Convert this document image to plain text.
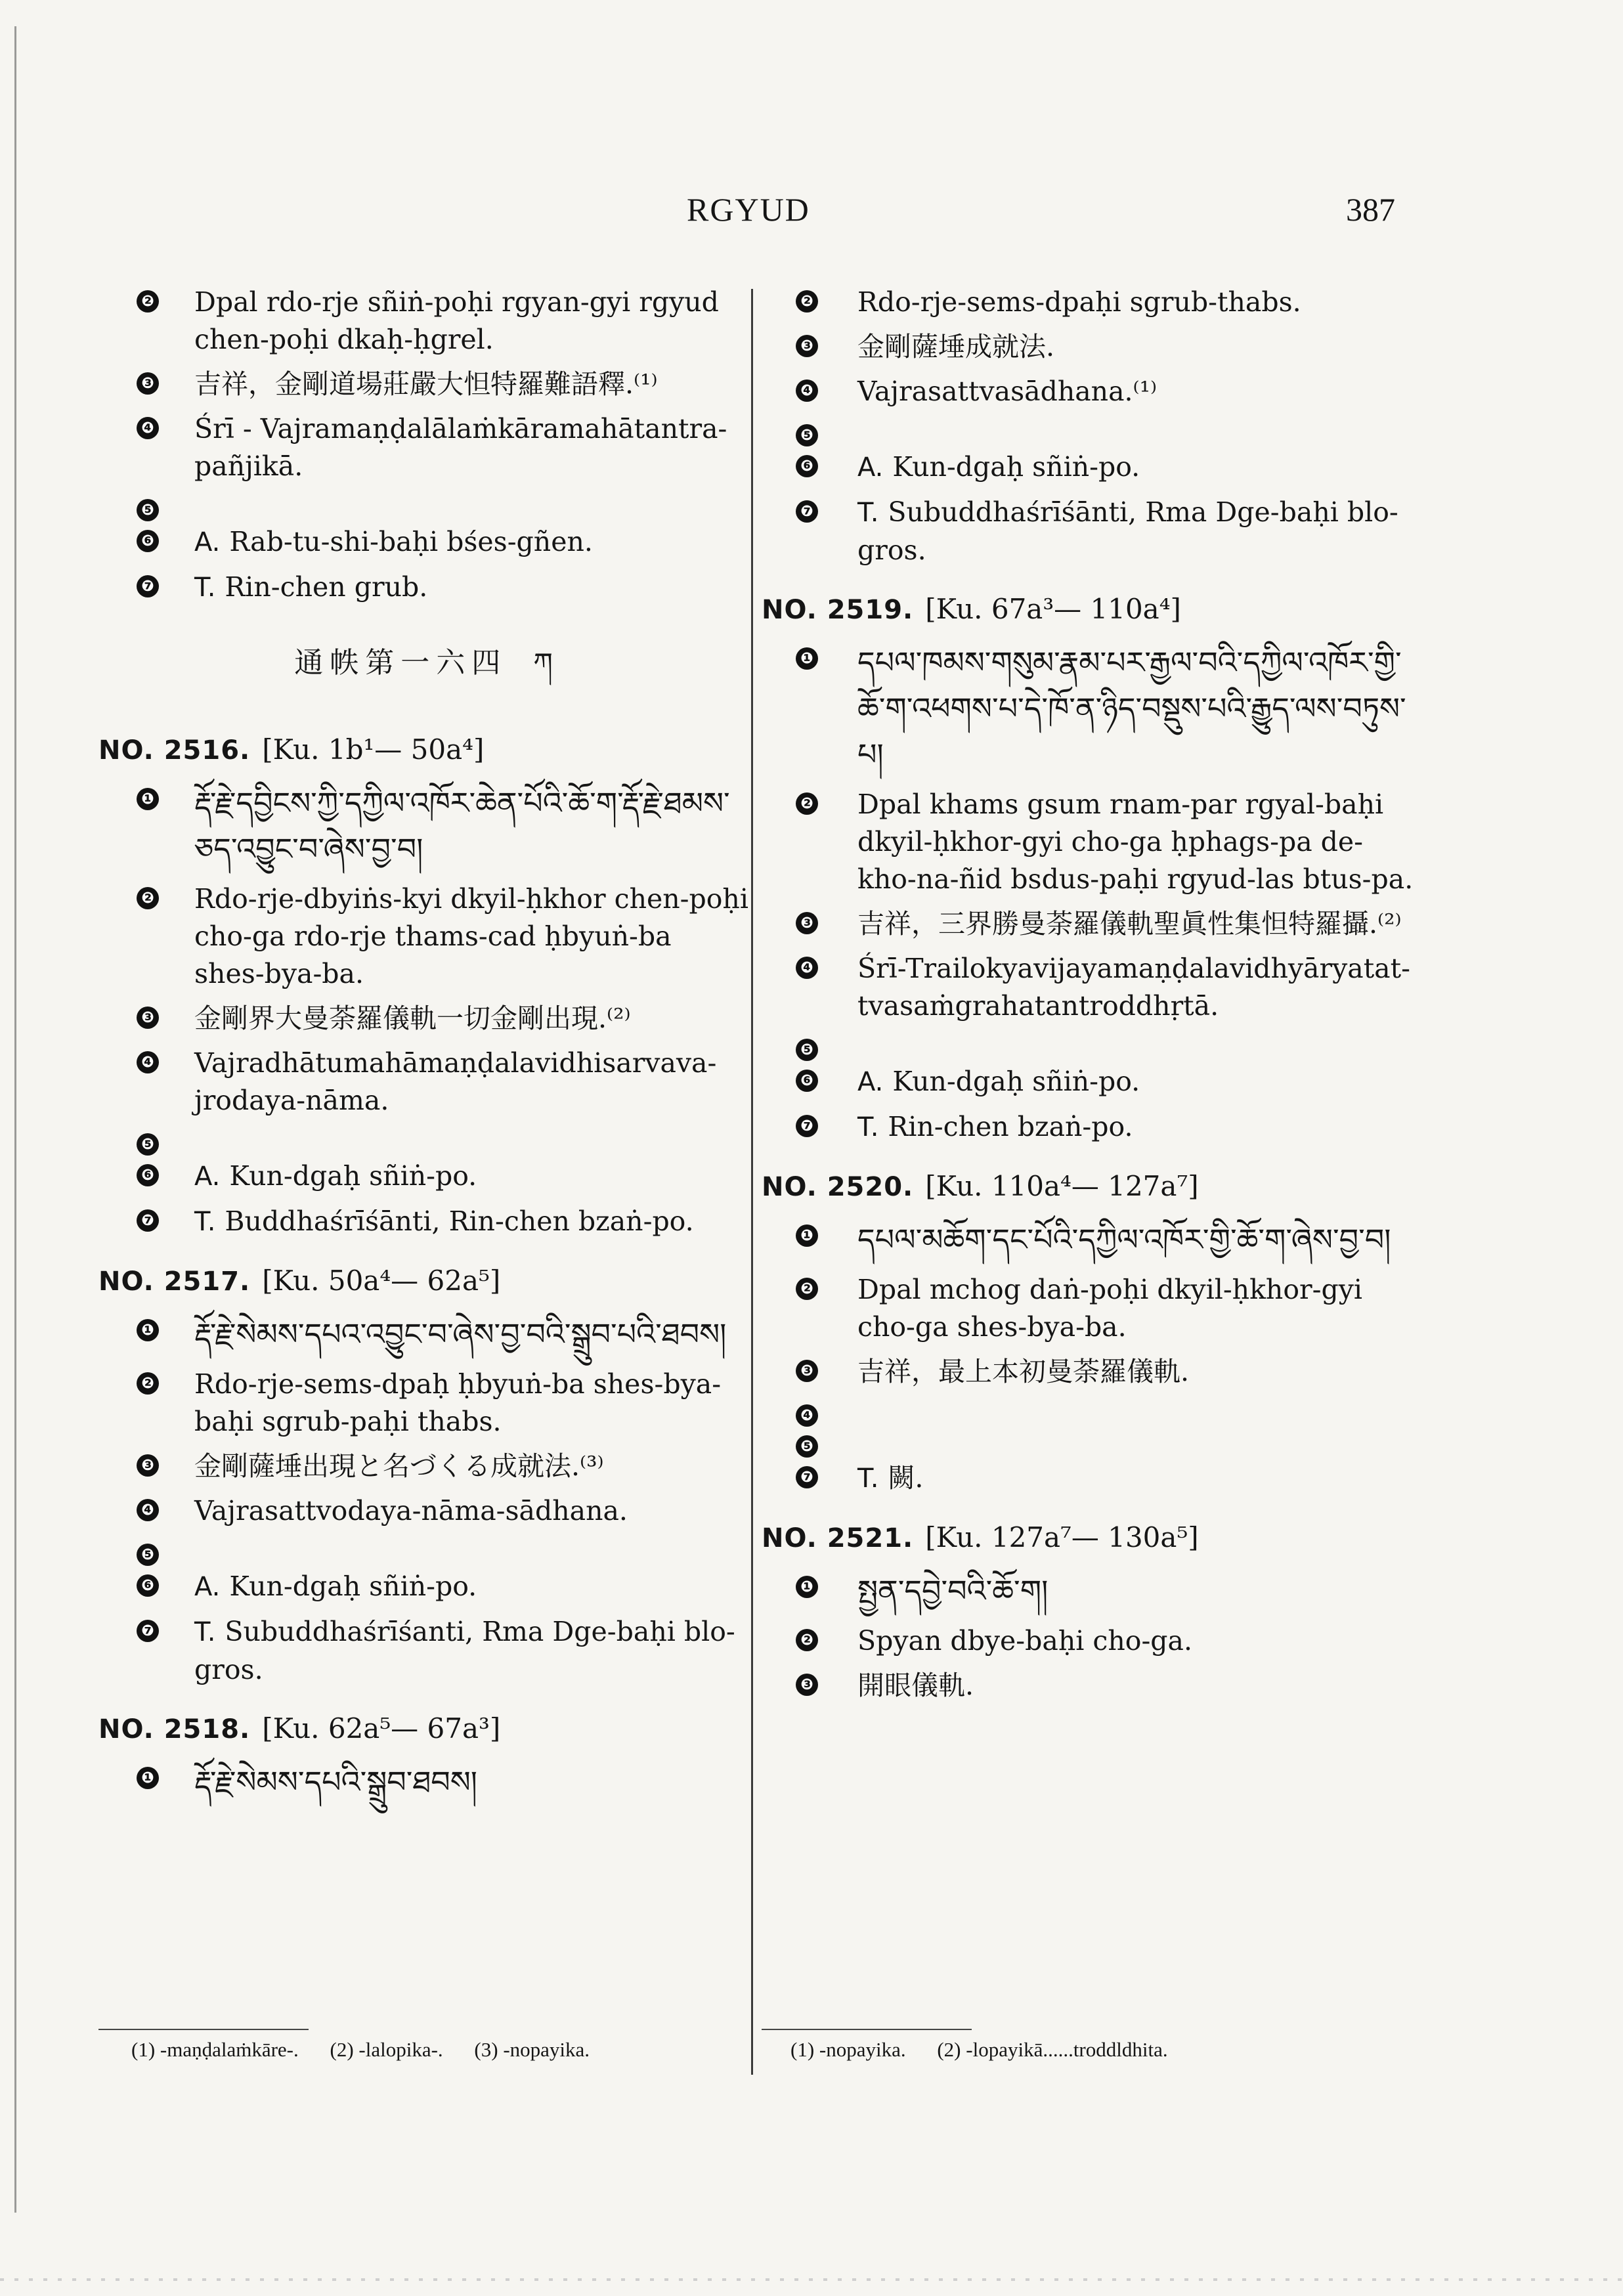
RGYUD	387
❷ Dpal rdo-rje sñiṅ-poḥi rgyan-gyi rgyud chen-poḥi dkaḥ-ḥgrel.
❸ 吉祥，金剛道場莊嚴大怛特羅難語釋.⁽¹⁾
❹ Śrī - Vajramaṇḍalālaṁkāramahātantra-pañjikā.
❺
❻ A. Rab-tu-shi-baḥi bśes-gñen.
❼ T. Rin-chen grub.
通帙第一六四 ཀ
NO. 2516. [Ku. 1b¹— 50a⁴]
❶ རྡོ་རྗེ་དབྱིངས་ཀྱི་དཀྱིལ་འཁོར་ཆེན་པོའི་ཆོ་ག་རྡོ་རྗེ་ཐམས་ཅད་འབྱུང་བ་ཞེས་བྱ་བ།
❷ Rdo-rje-dbyiṅs-kyi dkyil-ḥkhor chen-poḥi cho-ga rdo-rje thams-cad ḥbyuṅ-ba shes-bya-ba.
❸ 金剛界大曼荼羅儀軌一切金剛出現.⁽²⁾
❹ Vajradhātumahāmaṇḍalavidhisarvava-jrodaya-nāma.
❺
❻ A. Kun-dgaḥ sñiṅ-po.
❼ T. Buddhaśrīśānti, Rin-chen bzaṅ-po.
NO. 2517. [Ku. 50a⁴— 62a⁵]
❶ རྡོ་རྗེ་སེམས་དཔའ་འབྱུང་བ་ཞེས་བྱ་བའི་སྒྲུབ་པའི་ཐབས།
❷ Rdo-rje-sems-dpaḥ ḥbyuṅ-ba shes-bya-baḥi sgrub-paḥi thabs.
❸ 金剛薩埵出現と名づくる成就法.⁽³⁾
❹ Vajrasattvodaya-nāma-sādhana.
❺
❻ A. Kun-dgaḥ sñiṅ-po.
❼ T. Subuddhaśrīśanti, Rma Dge-baḥi blo-gros.
NO. 2518. [Ku. 62a⁵— 67a³]
❶ རྡོ་རྗེ་སེམས་དཔའི་སྒྲུབ་ཐབས།
❷ Rdo-rje-sems-dpaḥi sgrub-thabs.
❸ 金剛薩埵成就法.
❹ Vajrasattvasādhana.⁽¹⁾
❺
❻ A. Kun-dgaḥ sñiṅ-po.
❼ T. Subuddhaśrīśānti, Rma Dge-baḥi blo-gros.
NO. 2519. [Ku. 67a³— 110a⁴]
❶ དཔལ་ཁམས་གསུམ་རྣམ་པར་རྒྱལ་བའི་དཀྱིལ་འཁོར་གྱི་ཆོ་ག་འཕགས་པ་དེ་ཁོ་ན་ཉིད་བསྡུས་པའི་རྒྱུད་ལས་བཏུས་པ།
❷ Dpal khams gsum rnam-par rgyal-baḥi dkyil-ḥkhor-gyi cho-ga ḥphags-pa de-kho-na-ñid bsdus-paḥi rgyud-las btus-pa.
❸ 吉祥，三界勝曼荼羅儀軌聖眞性集怛特羅攝.⁽²⁾
❹ Śrī-Trailokyavijayamaṇḍalavidhyāryatat-tvasaṁgrahatantroddhṛtā.
❺
❻ A. Kun-dgaḥ sñiṅ-po.
❼ T. Rin-chen bzaṅ-po.
NO. 2520. [Ku. 110a⁴— 127a⁷]
❶ དཔལ་མཆོག་དང་པོའི་དཀྱིལ་འཁོར་གྱི་ཆོ་ག་ཞེས་བྱ་བ།
❷ Dpal mchog daṅ-poḥi dkyil-ḥkhor-gyi cho-ga shes-bya-ba.
❸ 吉祥，最上本初曼荼羅儀軌.
❹
❺
❼ T. 闕.
NO. 2521. [Ku. 127a⁷— 130a⁵]
❶ སྤྱན་དབྱེ་བའི་ཆོ་ག།
❷ Spyan dbye-baḥi cho-ga.
❸ 開眼儀軌.
(1) -maṇḍalaṁkāre-. (2) -lalopika-. (3) -nopayika.	(1) -nopayika. (2) -lopayikā......troddldhita.
